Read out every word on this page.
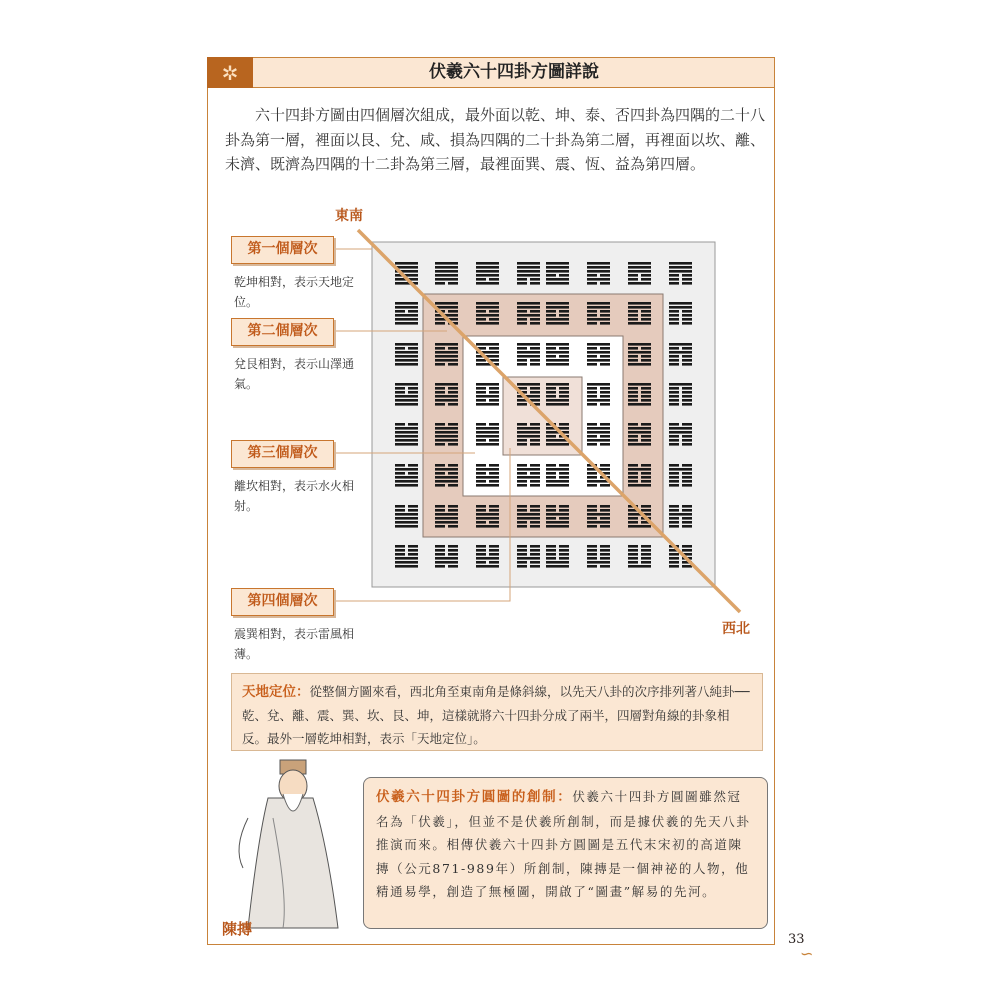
✲	伏羲六十四卦方圖詳說
六十四卦方圖由四個層次組成，最外面以乾、坤、泰、否四卦為四隅的二十八卦為第一層，裡面以艮、兌、咸、損為四隅的二十卦為第二層，再裡面以坎、離、未濟、既濟為四隅的十二卦為第三層，最裡面巽、震、恆、益為第四層。
東南
西北
第一個層次
乾坤相對，表示天地定位。
第二個層次
兌艮相對，表示山澤通氣。
第三個層次
離坎相對，表示水火相射。
第四個層次
震巽相對，表示雷風相薄。
天地定位：從整個方圖來看，西北角至東南角是條斜線，以先天八卦的次序排列著八純卦──乾、兌、離、震、巽、坎、艮、坤，這樣就將六十四卦分成了兩半，四層對角線的卦象相反。最外一層乾坤相對，表示「天地定位」。
陳摶
伏羲六十四卦方圓圖的創制：伏羲六十四卦方圓圖雖然冠名為「伏羲」，但並不是伏羲所創制，而是據伏羲的先天八卦推演而來。相傳伏羲六十四卦方圓圖是五代末宋初的高道陳摶（公元871-989年）所創制，陳摶是一個神祕的人物，他精通易學，創造了無極圖，開啟了“圖畫”解易的先河。
33
∽
